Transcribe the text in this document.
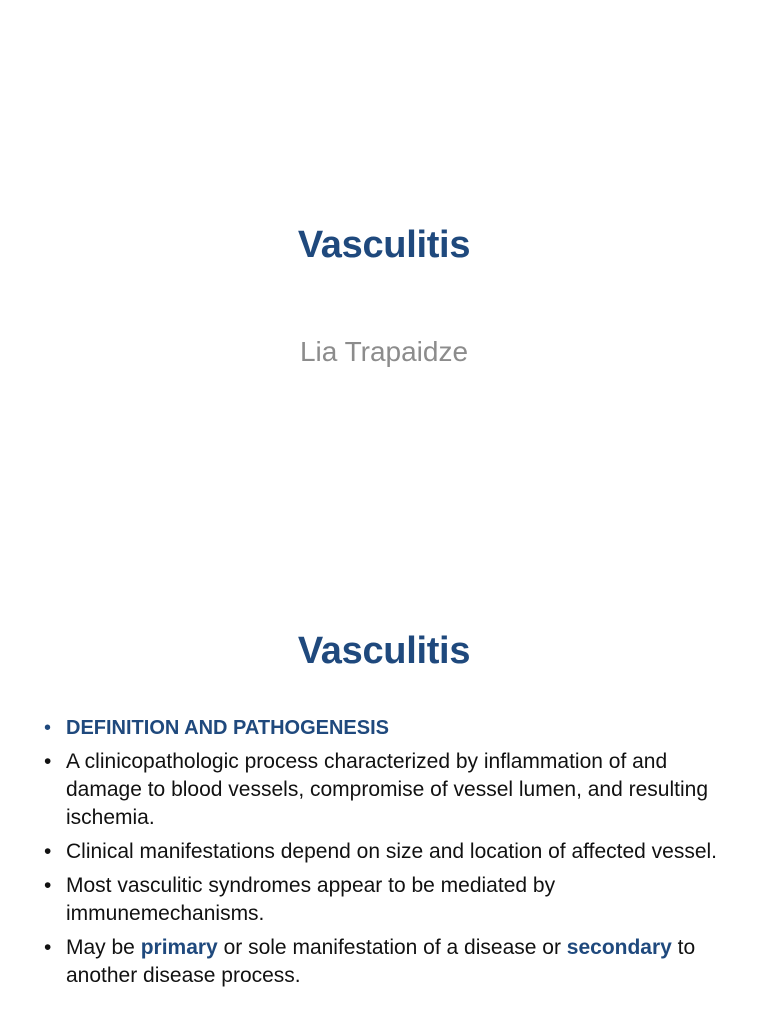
Vasculitis
Lia Trapaidze
Vasculitis
• DEFINITION AND PATHOGENESIS
• A clinicopathologic process characterized by inflammation of and damage to blood vessels, compromise of vessel lumen, and resulting ischemia.
• Clinical manifestations depend on size and location of affected vessel.
• Most vasculitic syndromes appear to be mediated by immunemechanisms.
• May be primary or sole manifestation of a disease or secondary to another disease process.
